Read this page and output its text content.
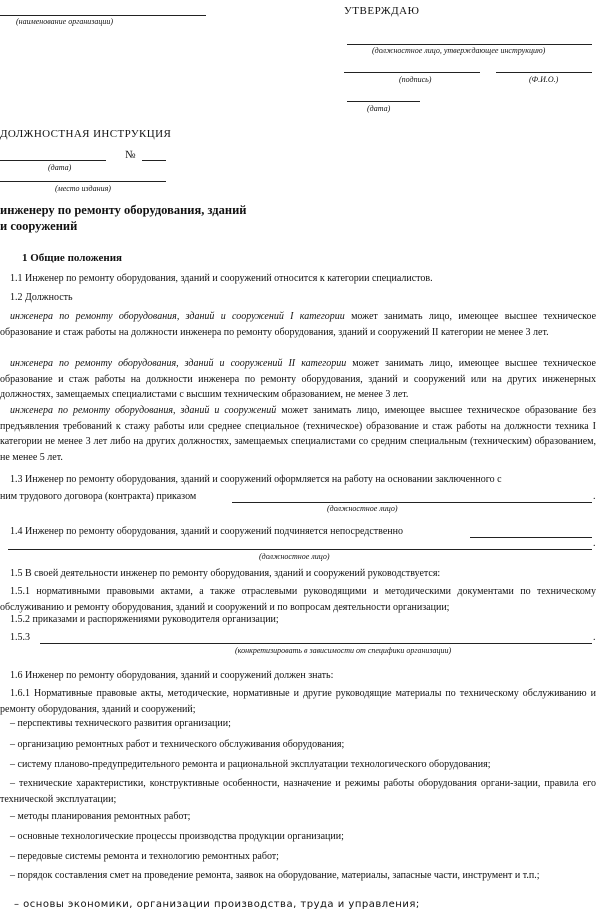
(наименование организации)
УТВЕРЖДАЮ
(должностное лицо, утверждающее инструкцию)
(подпись)	(Ф.И.О.)
(дата)
ДОЛЖНОСТНАЯ ИНСТРУКЦИЯ
№
(дата)
(место издания)
инженеру по ремонту оборудования, зданий
и сооружений
1 Общие положения
1.1 Инженер по ремонту оборудования, зданий и сооружений относится к категории специалистов.
1.2 Должность
инженера по ремонту оборудования, зданий и сооружений I категории может занимать лицо, имеющее высшее техническое образование и стаж работы на должности инженера по ремонту оборудования, зданий и сооружений II категории не менее 3 лет.
инженера по ремонту оборудования, зданий и сооружений II категории может занимать лицо, имеющее высшее техническое образование и стаж работы на должности инженера по ремонту оборудования, зданий и сооружений или на других инженерных должностях, замещаемых специалистами с высшим техническим образованием, не менее 3 лет.
инженера по ремонту оборудования, зданий и сооружений может занимать лицо, имеющее высшее техническое образование без предъявления требований к стажу работы или среднее специальное (техническое) образование и стаж работы на должности техника I категории не менее 3 лет либо на других должностях, замещаемых специалистами со средним специальным (техническим) образованием, не менее 5 лет.
1.3 Инженер по ремонту оборудования, зданий и сооружений оформляется на работу на основании заключенного с
ним трудового договора (контракта) приказом	.
(должностное лицо)
1.4 Инженер по ремонту оборудования, зданий и сооружений подчиняется непосредственно
.
(должностное лицо)
1.5 В своей деятельности инженер по ремонту оборудования, зданий и сооружений руководствуется:
1.5.1 нормативными правовыми актами, а также отраслевыми руководящими и методическими документами по техническому обслуживанию и ремонту оборудования, зданий и сооружений и по вопросам деятельности организации;
1.5.2 приказами и распоряжениями руководителя организации;
1.5.3	.
(конкретизировать в зависимости от специфики организации)
1.6 Инженер по ремонту оборудования, зданий и сооружений должен знать:
1.6.1 Нормативные правовые акты, методические, нормативные и другие руководящие материалы по техническому обслуживанию и ремонту оборудования, зданий и сооружений;
– перспективы технического развития организации;
– организацию ремонтных работ и технического обслуживания оборудования;
– систему планово-предупредительного ремонта и рациональной эксплуатации технологического оборудования;
– технические характеристики, конструктивные особенности, назначение и режимы работы оборудования органи-зации, правила его технической эксплуатации;
– методы планирования ремонтных работ;
– основные технологические процессы производства продукции организации;
– передовые системы ремонта и технологию ремонтных работ;
– порядок составления смет на проведение ремонта, заявок на оборудование, материалы, запасные части, инструмент и т.п.;
– основы экономики, организации производства, труда и управления;
